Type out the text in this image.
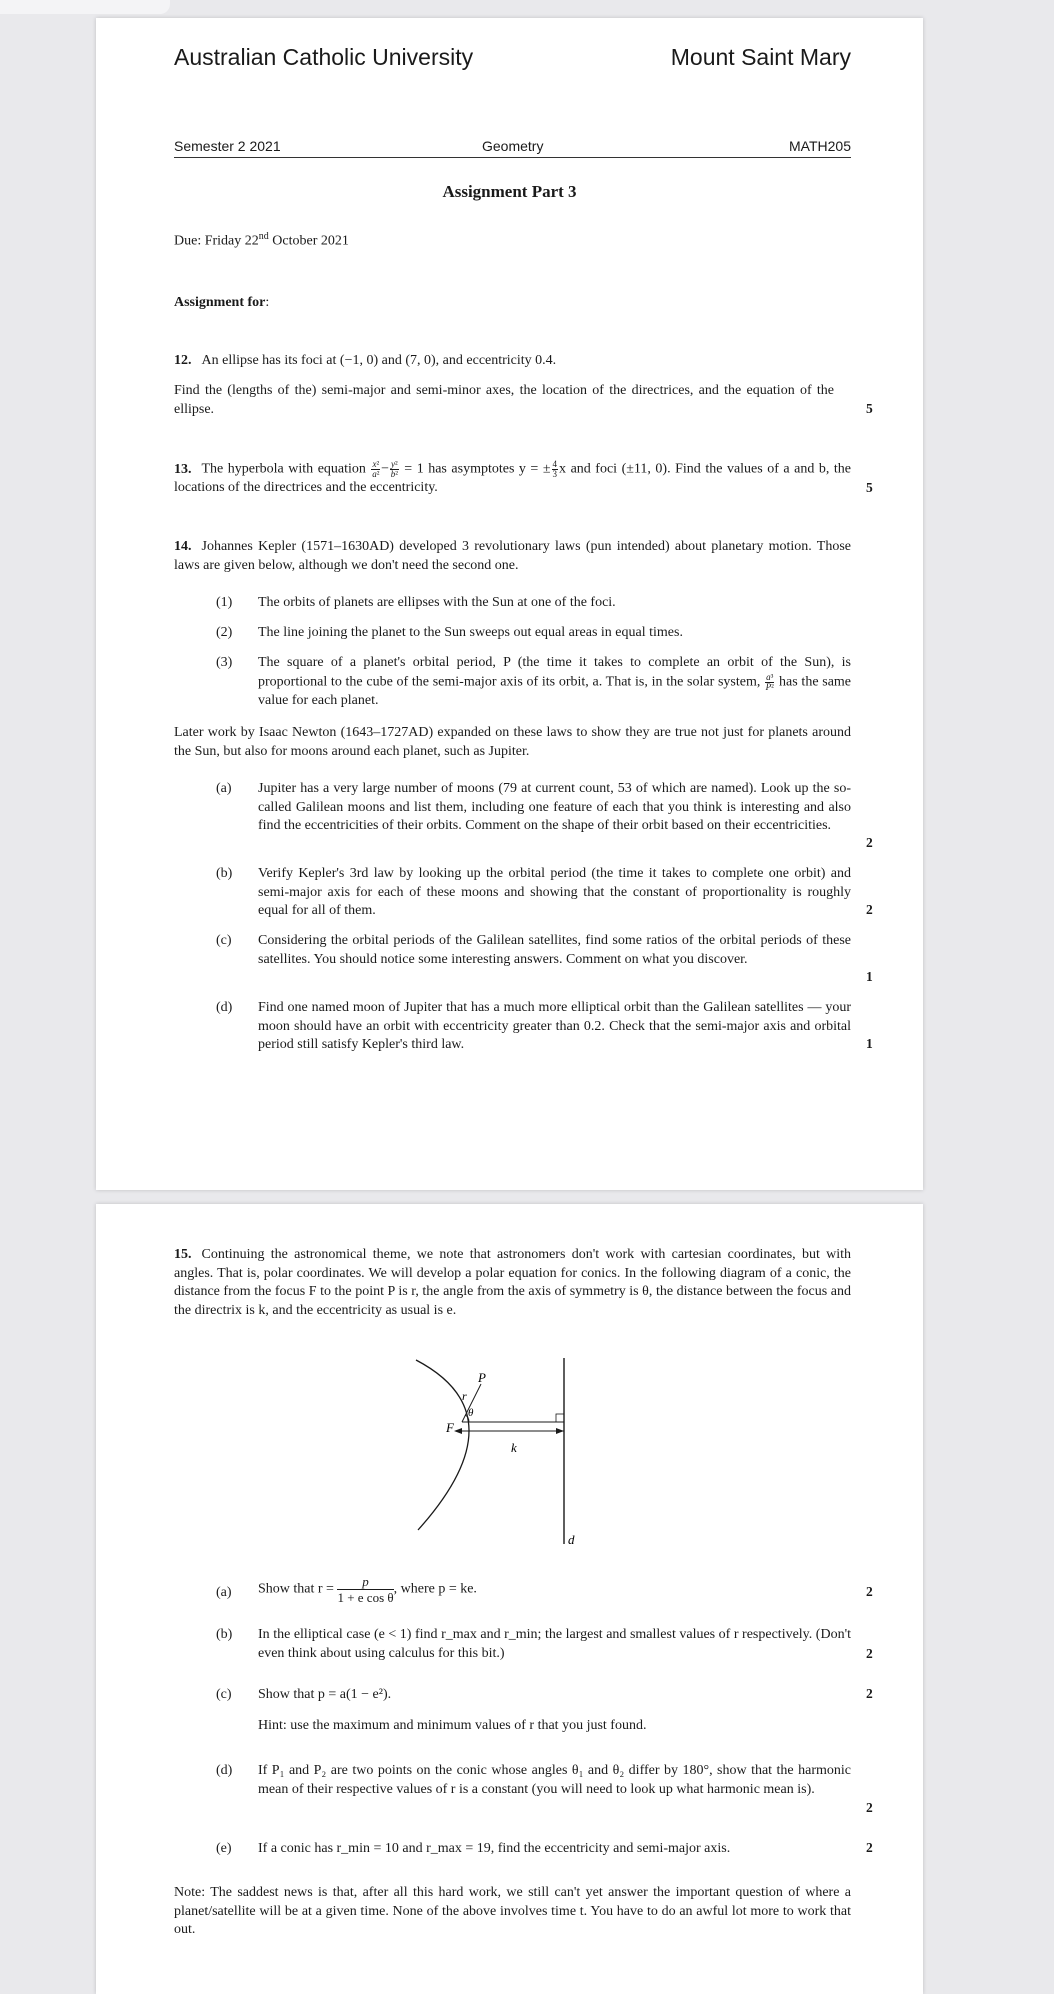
Australian Catholic University	Mount Saint Mary
Semester 2 2021	Geometry	MATH205
Assignment Part 3
Due: Friday 22nd October 2021
Assignment for:
12. An ellipse has its foci at (−1, 0) and (7, 0), and eccentricity 0.4.
Find the (lengths of the) semi-major and semi-minor axes, the location of the directrices, and the equation of the ellipse.	5
13. The hyperbola with equation $\frac{\text{x²}}{\text{a²}} - \frac{\text{y²}}{\text{b²}} = 1$ has asymptotes y = ± $\frac{4}{3}$ x and foci (±11, 0). Find the values of a and b, the locations of the directrices and the eccentricity.	5
14. Johannes Kepler (1571–1630AD) developed 3 revolutionary laws (pun intended) about planetary motion. Those laws are given below, although we don't need the second one.
(1)	The orbits of planets are ellipses with the Sun at one of the foci.
(2)	The line joining the planet to the Sun sweeps out equal areas in equal times.
(3)	The square of a planet's orbital period, P (the time it takes to complete an orbit of the Sun), is proportional to the cube of the semi-major axis of its orbit, a. That is, in the solar system, $\frac{\text{a³}}{\text{P²}}$ has the same value for each planet.
Later work by Isaac Newton (1643–1727AD) expanded on these laws to show they are true not just for planets around the Sun, but also for moons around each planet, such as Jupiter.
(a)	Jupiter has a very large number of moons (79 at current count, 53 of which are named). Look up the so-called Galilean moons and list them, including one feature of each that you think is interesting and also find the eccentricities of their orbits. Comment on the shape of their orbit based on their eccentricities.
2
(b)	Verify Kepler's 3rd law by looking up the orbital period (the time it takes to complete one orbit) and semi-major axis for each of these moons and showing that the constant of proportionality is roughly equal for all of them.	2
(c)	Considering the orbital periods of the Galilean satellites, find some ratios of the orbital periods of these satellites. You should notice some interesting answers. Comment on what you discover.
1
(d)	Find one named moon of Jupiter that has a much more elliptical orbit than the Galilean satellites — your moon should have an orbit with eccentricity greater than 0.2. Check that the semi-major axis and orbital period still satisfy Kepler's third law.	1
15. Continuing the astronomical theme, we note that astronomers don't work with cartesian coordinates, but with angles. That is, polar coordinates. We will develop a polar equation for conics. In the following diagram of a conic, the distance from the focus F to the point P is r, the angle from the axis of symmetry is θ, the distance between the focus and the directrix is k, and the eccentricity as usual is e.
P
r
θ
F
k
d
(a)	Show that $r = \frac{p}{\text{1 + e cos θ}}$ , where p = ke.	2
(b)	In the elliptical case (e < 1) find r_max and r_min; the largest and smallest values of r respectively. (Don't even think about using calculus for this bit.)	2
(c)	Show that p = a(1 − e²).	2
Hint: use the maximum and minimum values of r that you just found.
(d)	If P₁ and P₂ are two points on the conic whose angles θ₁ and θ₂ differ by 180°, show that the harmonic mean of their respective values of r is a constant (you will need to look up what harmonic mean is).
2
(e)	If a conic has r_min = 10 and r_max = 19, find the eccentricity and semi-major axis.	2
Note: The saddest news is that, after all this hard work, we still can't yet answer the important question of where a planet/satellite will be at a given time. None of the above involves time t. You have to do an awful lot more to work that out.
